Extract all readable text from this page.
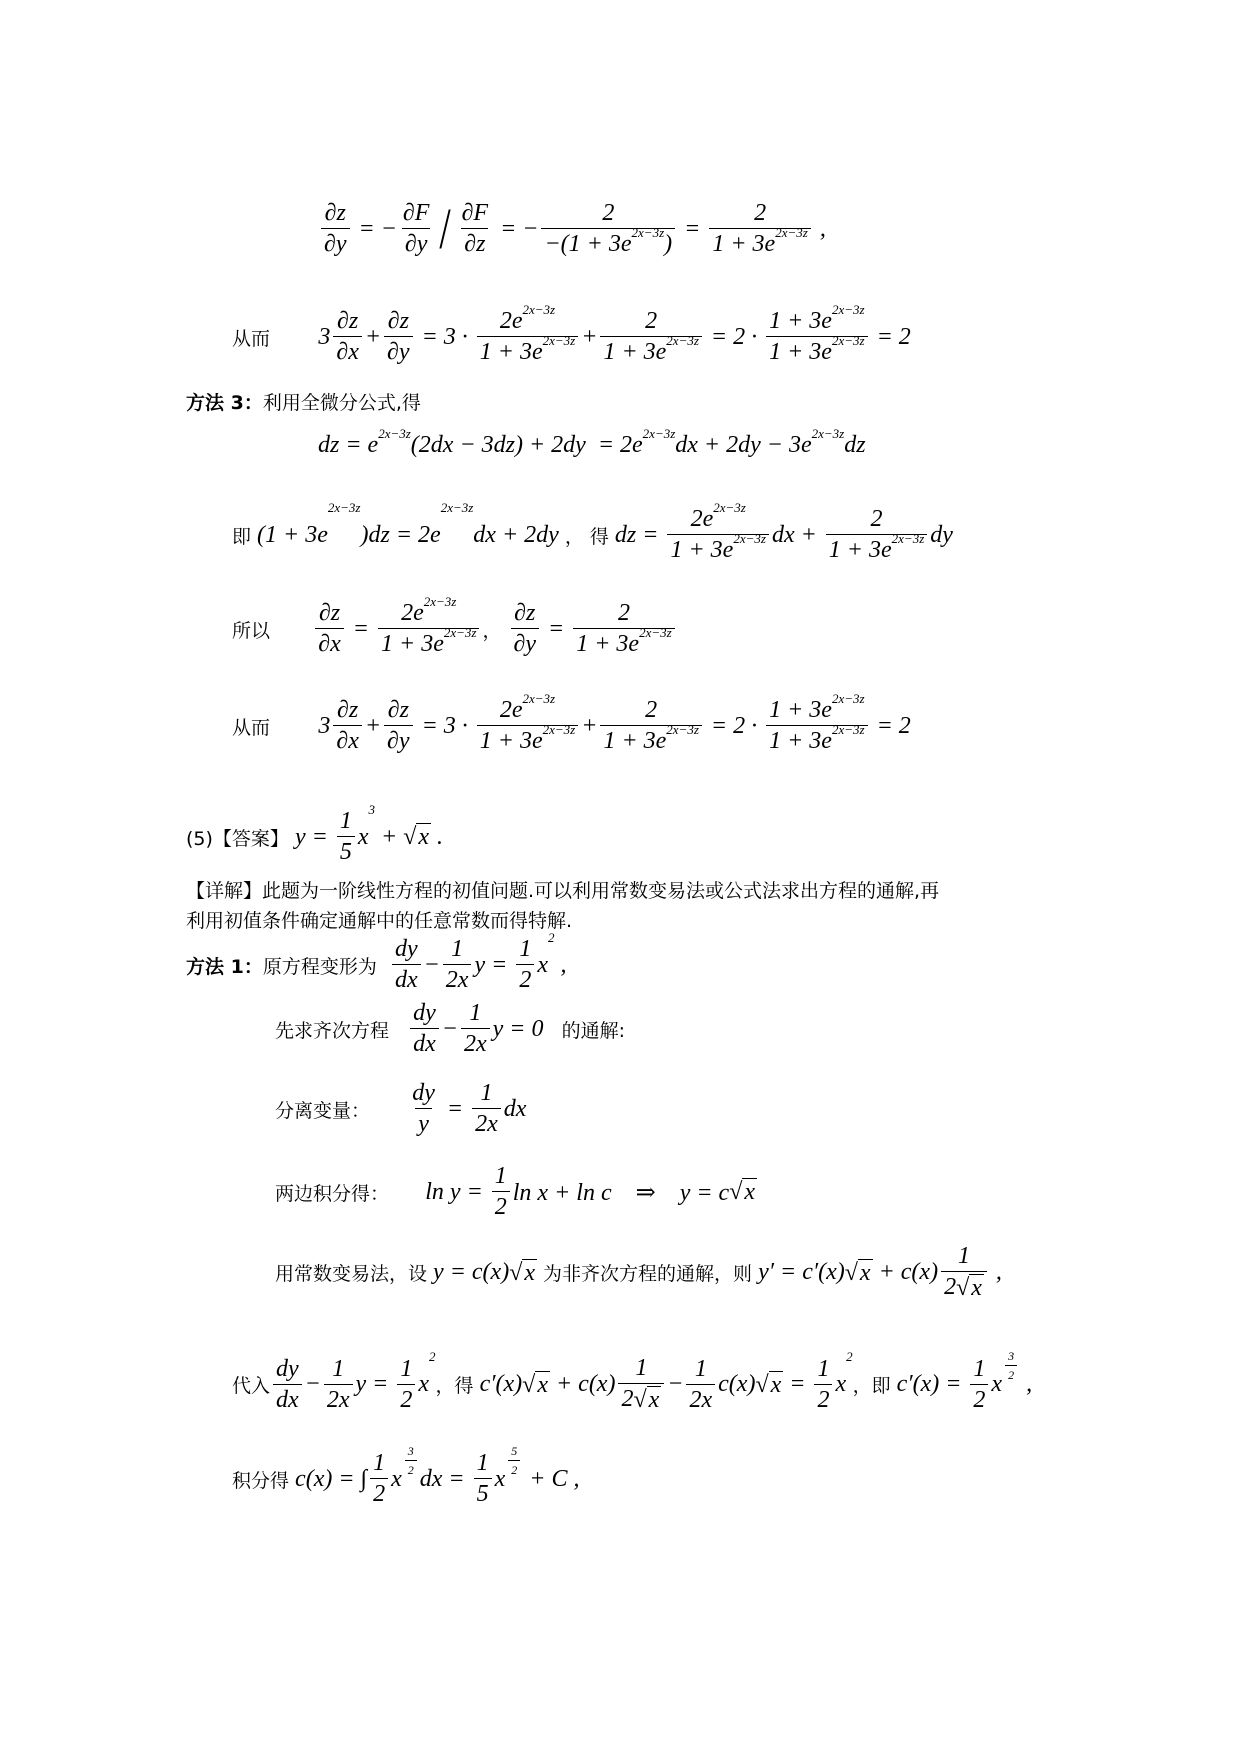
$\frac{\partial z}{\partial y}$ = − $\frac{\partial F}{\partial y} / \frac{\partial F}{\partial z}$ = − $\frac{2}{-(1 + 3e 2x-3z )} = \frac{2}{1 + 3e 2x-3z}$ ,
从而 $3 \frac{\partial z}{\partial x} + \frac{\partial z}{\partial y} = 3 \cdot \frac{2e 2x-3z}{1 + 3e 2x-3z} + \frac{2}{1 + 3e 2x-3z} = 2 \cdot \frac{1 + 3e 2x-3z}{1 + 3e 2x-3z} = 2$
方法 3： 利用全微分公式,得
dz = e 2x−3z (2dx − 3dz) + 2dy  = 2e 2x−3z dx + 2dy − 3e 2x−3z dz
即 (1 + 3e
2x−3z
)dz = 2e
2x−3z
dx + 2dy ， 得 dz = $\frac{2e 2x-3z}{1 + 3e 2x-3z}$ dx + $\frac{2}{1 + 3e 2x-3z}$ dy
所以 $\frac{\partial z}{\partial x} = \frac{2e 2x-3z}{1 + 3e 2x-3z}$ ， $\frac{\partial z}{\partial y} = \frac{2}{1 + 3e 2x-3z}$
从而 $3 \frac{\partial z}{\partial x} + \frac{\partial z}{\partial y} = 3 \cdot \frac{2e 2x-3z}{1 + 3e 2x-3z} + \frac{2}{1 + 3e 2x-3z} = 2 \cdot \frac{1 + 3e 2x-3z}{1 + 3e 2x-3z} = 2$
(5)【答案】 $y = \frac{1}{5}$ x
3
+ √ x .
【详解】此题为一阶线性方程的初值问题.可以利用常数变易法或公式法求出方程的通解,再
利用初值条件确定通解中的任意常数而得特解.
方法 1： 原方程变形为 $\frac{dy}{dx} - \frac{1}{2x}$ $y = \frac{1}{2}$ x
2
,
先求齐次方程 $\frac{dy}{dx} - \frac{1}{2x}$ y = 0 的通解:
分离变量： $\frac{dy}{y} = \frac{1}{2x}$ dx
两边积分得： $\ln y = \frac{1}{2}$ ln x + ln c    ⇒    y = c √ x
用常数变易法，设 y = c(x) √ x 为非齐次方程的通解，则 y′ = c′(x) √ $x + c(x) \frac{1}{2 √ x}$ ,
代入 $\frac{dy}{dx} - \frac{1}{2x}$ $y = \frac{1}{2}$ x
2
，得 c′(x) √ $x + c(x) \frac{1}{2 √ x} - \frac{1}{2x} c(x)$ √ $x = \frac{1}{2}$ x
2
，即 $c'(x) = \frac{1}{2}$ x
$\frac{3}{2}$
,
积分得 c(x) = ∫ $\frac{1}{2}$ x
$\frac{3}{2}$
dx = $\frac{1}{5}$ x
$\frac{5}{2}$
+ C ,
